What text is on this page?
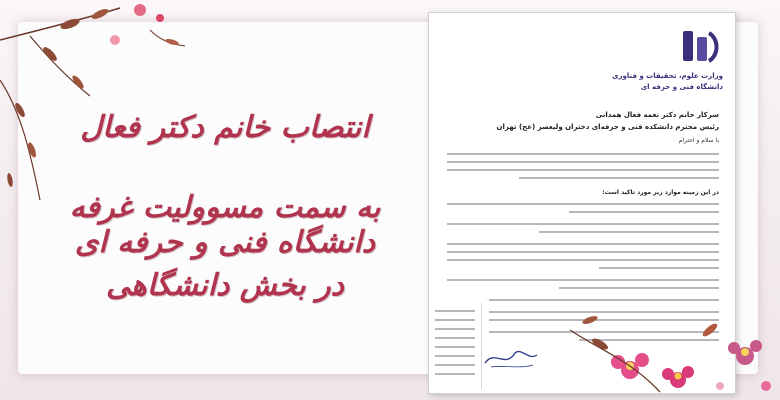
انتصاب خانم دکتر فعال
به سمت مسوولیت غرفه دانشگاه فنی و حرفه ای
در بخش دانشگاهی
وزارت علوم، تحقیقات و فناوری دانشگاه فنی و حرفه ای
سرکار خانم دکتر نغمه فعال همدانی
رئیس محترم دانشکده فنی و حرفه‌ای دختران ولیعصر (عج) تهران
با سلام و احترام
در این زمینه موارد زیر مورد تاکید است:
